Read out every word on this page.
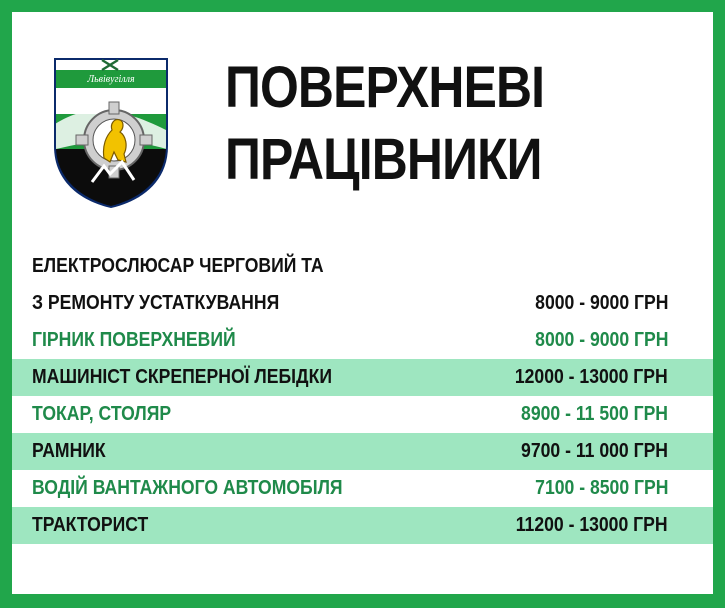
Львівугілля ПОВЕРХНЕВІ
ПРАЦІВНИКИ
ЕЛЕКТРОСЛЮСАР ЧЕРГОВИЙ ТА
З РЕМОНТУ УСТАТКУВАННЯ	8000 - 9000 ГРН
ГІРНИК ПОВЕРХНЕВИЙ	8000 - 9000 ГРН
МАШИНІСТ СКРЕПЕРНОЇ ЛЕБІДКИ	12000 - 13000 ГРН
ТОКАР, СТОЛЯР	8900 - 11 500 ГРН
РАМНИК	9700 - 11 000 ГРН
ВОДІЙ ВАНТАЖНОГО АВТОМОБІЛЯ	7100 - 8500 ГРН
ТРАКТОРИСТ	11200 - 13000 ГРН
